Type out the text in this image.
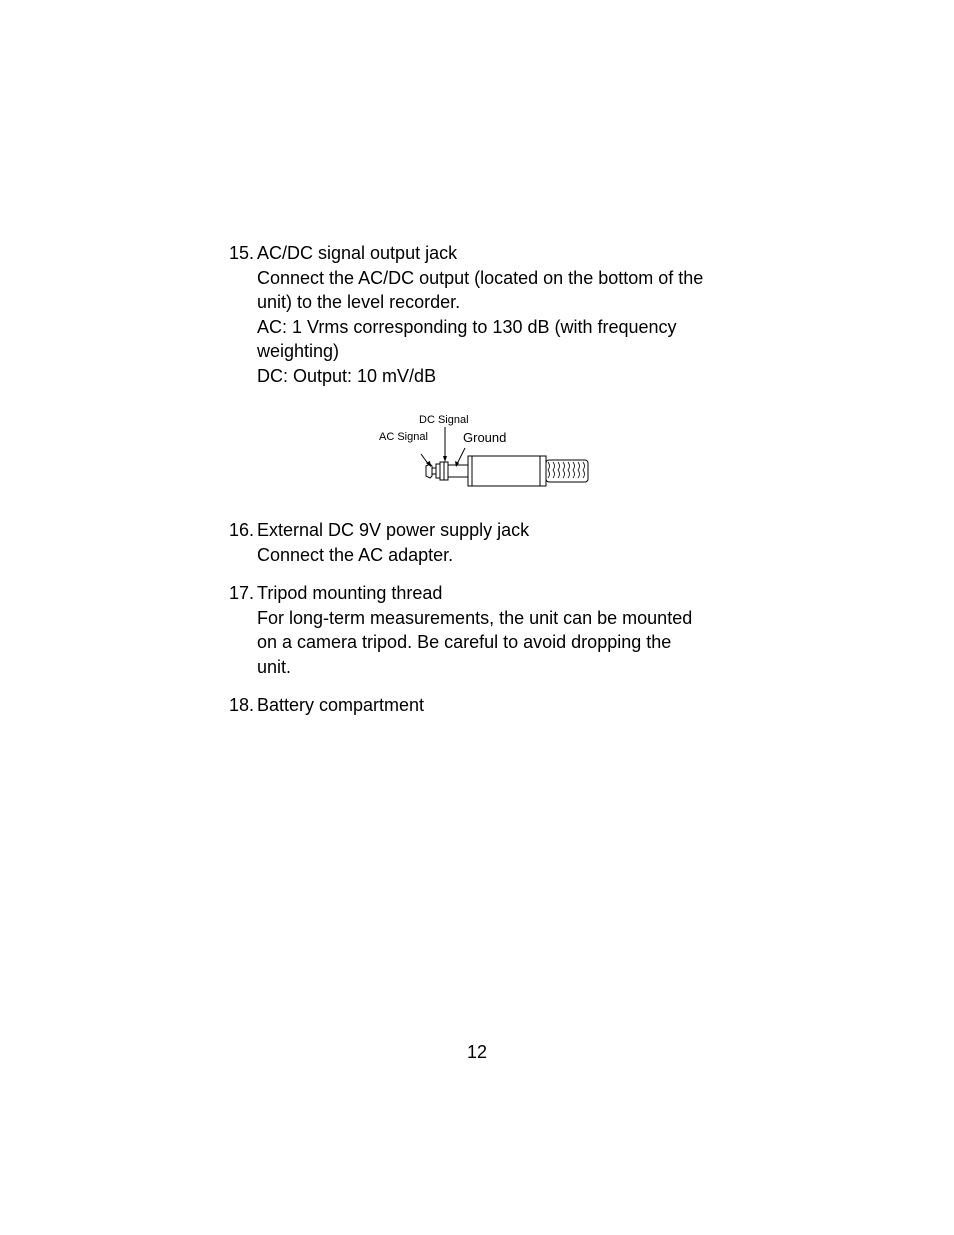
15. AC/DC signal output jack
Connect the AC/DC output (located on the bottom of the
unit) to the level recorder.
AC: 1 Vrms corresponding to 130 dB (with frequency
weighting)
DC: Output: 10 mV/dB
DC Signal
AC Signal	Ground
16. External DC 9V power supply jack
Connect the AC adapter.
17. Tripod mounting thread
For long-term measurements, the unit can be mounted
on a camera tripod. Be careful to avoid dropping the
unit.
18. Battery compartment
12
